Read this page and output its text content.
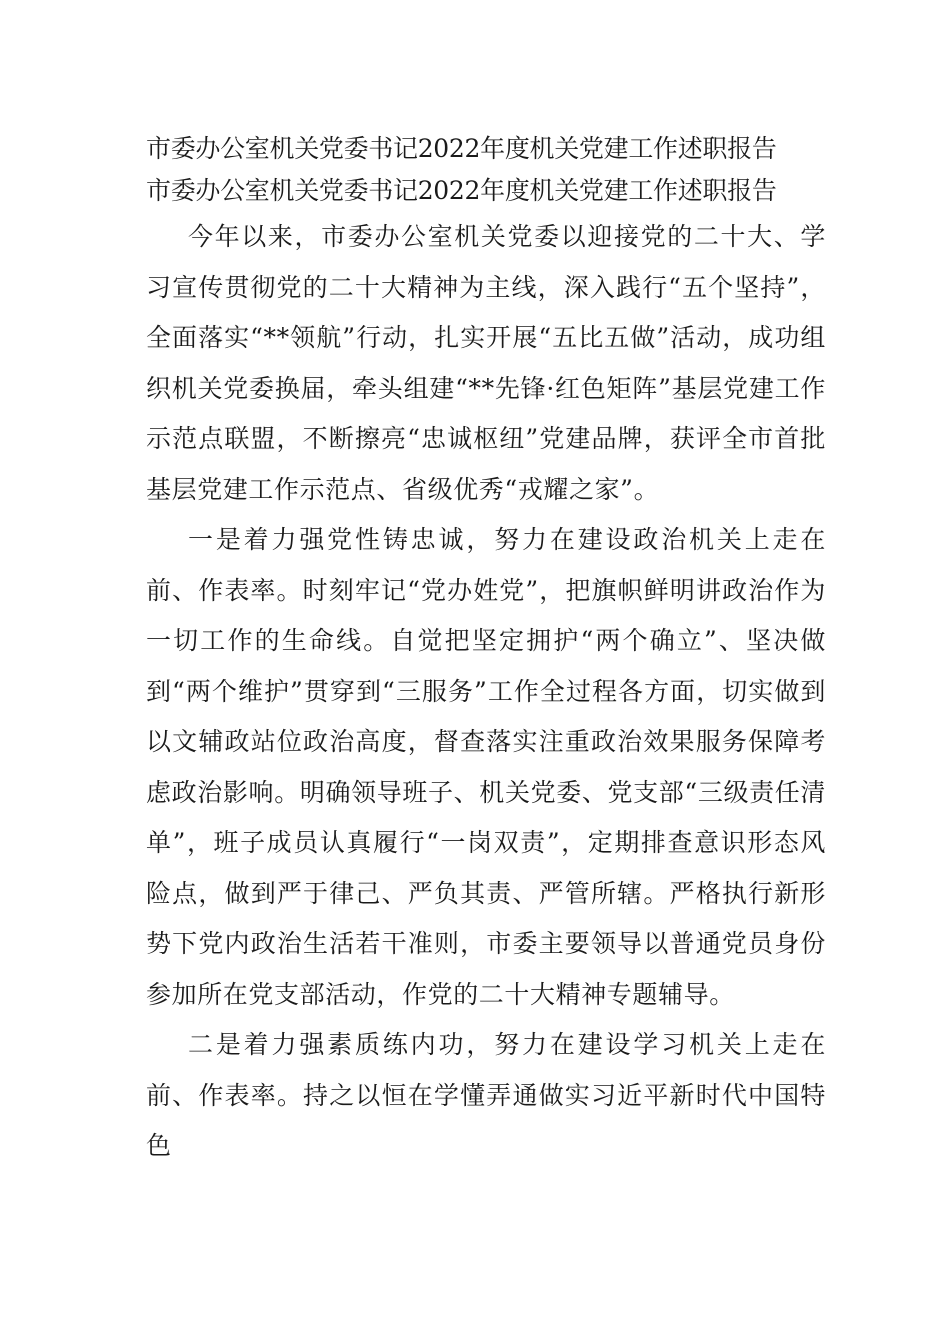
市委办公室机关党委书记2022年度机关党建工作述职报告
市委办公室机关党委书记2022年度机关党建工作述职报告

今年以来，市委办公室机关党委以迎接党的二十大、学习宣传贯彻党的二十大精神为主线，深入践行“五个坚持”，全面落实“**领航”行动，扎实开展“五比五做”活动，成功组织机关党委换届，牵头组建“**先锋·红色矩阵”基层党建工作示范点联盟，不断擦亮“忠诚枢纽”党建品牌，获评全市首批基层党建工作示范点、省级优秀“戎耀之家”。

一是着力强党性铸忠诚，努力在建设政治机关上走在前、作表率。时刻牢记“党办姓党”，把旗帜鲜明讲政治作为一切工作的生命线。自觉把坚定拥护“两个确立”、坚决做到“两个维护”贯穿到“三服务”工作全过程各方面，切实做到以文辅政站位政治高度，督查落实注重政治效果服务保障考虑政治影响。明确领导班子、机关党委、党支部“三级责任清单”，班子成员认真履行“一岗双责”，定期排查意识形态风险点，做到严于律己、严负其责、严管所辖。严格执行新形势下党内政治生活若干准则，市委主要领导以普通党员身份参加所在党支部活动，作党的二十大精神专题辅导。

二是着力强素质练内功，努力在建设学习机关上走在前、作表率。持之以恒在学懂弄通做实习近平新时代中国特色
